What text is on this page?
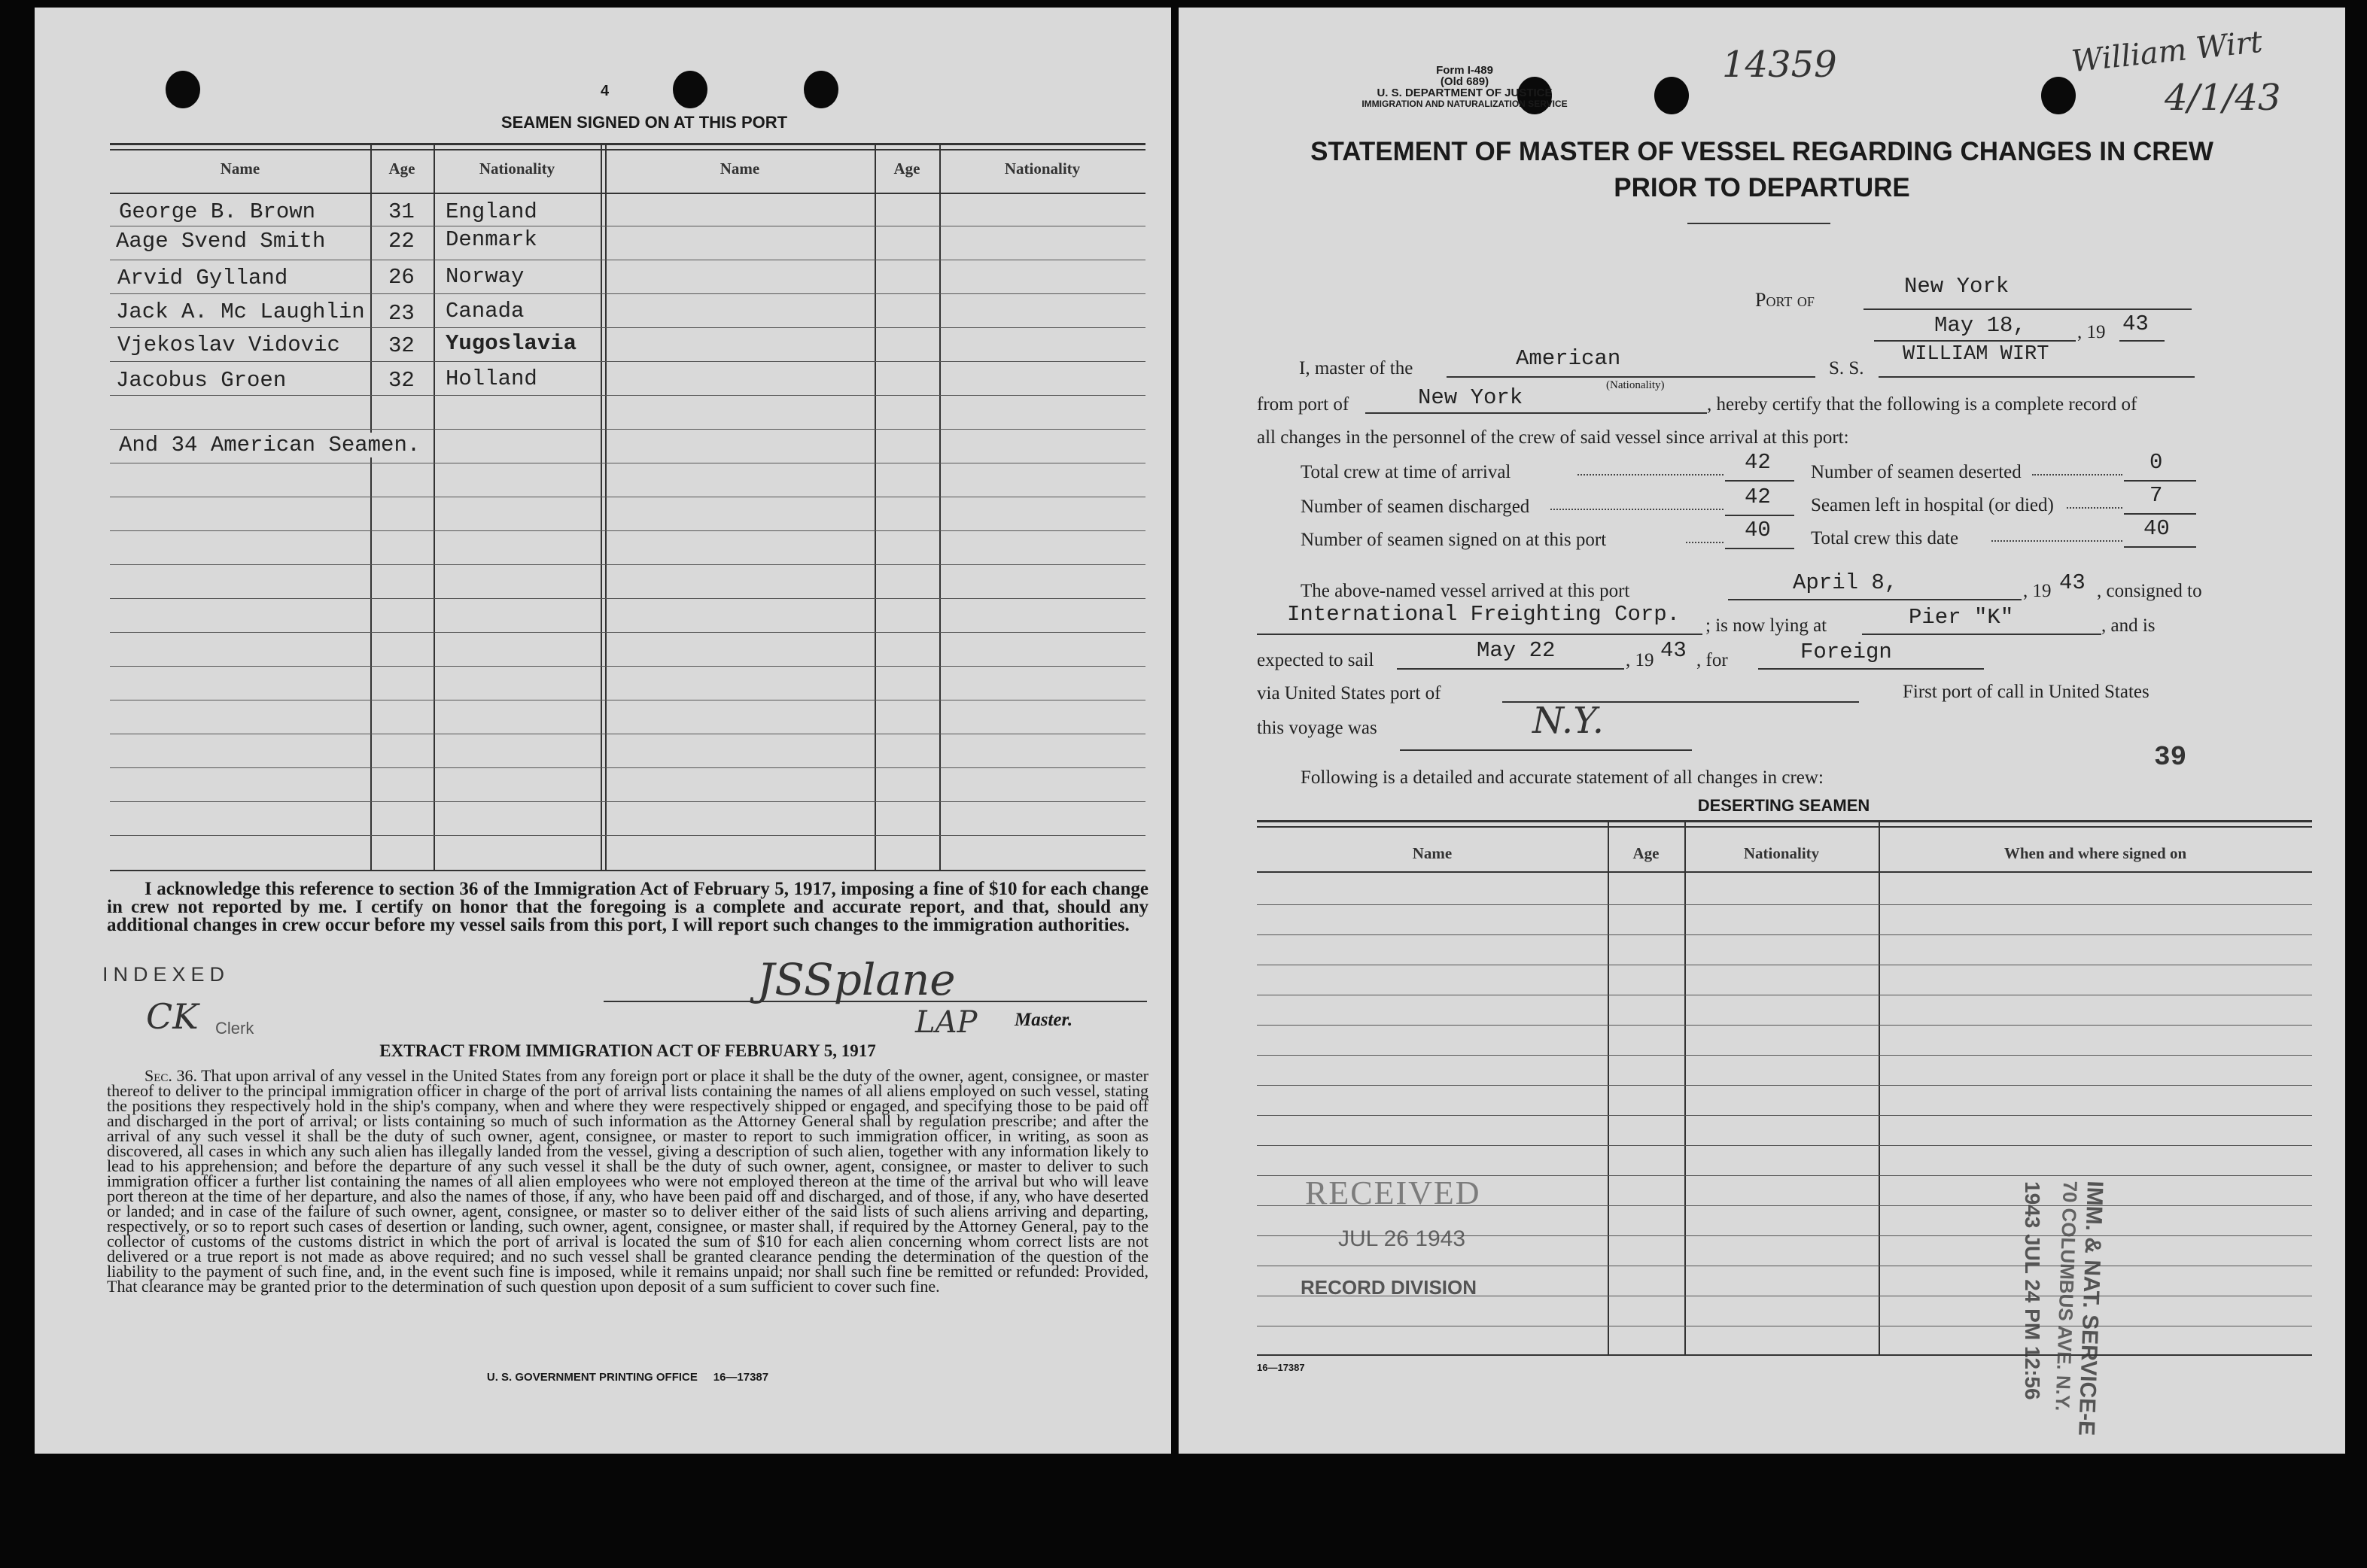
4
SEAMEN SIGNED ON AT THIS PORT
Name	Age	Nationality	Name	Age	Nationality
George B. Brown	31 England
Aage Svend Smith	22 Denmark
Arvid Gylland	26 Norway
Jack A. Mc Laughlin 23 Canada
Vjekoslav Vidovic 32 Yugoslavia
Jacobus Groen	32 Holland
And 34 American Seamen.
I acknowledge this reference to section 36 of the Immigration Act of February 5, 1917, imposing a fine of $10 for each change in crew not reported by me. I certify on honor that the foregoing is a complete and accurate report, and that, should any additional changes in crew occur before my vessel sails from this port, I will report such changes to the immigration authorities.
INDEXED
CK Clerk
JSSplane
LAP Master.
EXTRACT FROM IMMIGRATION ACT OF FEBRUARY 5, 1917
Sec. 36. That upon arrival of any vessel in the United States from any foreign port or place it shall be the duty of the owner, agent, consignee, or master thereof to deliver to the principal immigration officer in charge of the port of arrival lists containing the names of all aliens employed on such vessel, stating the positions they respectively hold in the ship's company, when and where they were respectively shipped or engaged, and specifying those to be paid off and discharged in the port of arrival; or lists containing so much of such information as the Attorney General shall by regulation prescribe; and after the arrival of any such vessel it shall be the duty of such owner, agent, consignee, or master to report to such immigration officer, in writing, as soon as discovered, all cases in which any such alien has illegally landed from the vessel, giving a description of such alien, together with any information likely to lead to his apprehension; and before the departure of any such vessel it shall be the duty of such owner, agent, consignee, or master to deliver to such immigration officer a further list containing the names of all alien employees who were not employed thereon at the time of the arrival but who will leave port thereon at the time of her departure, and also the names of those, if any, who have been paid off and discharged, and of those, if any, who have deserted or landed; and in case of the failure of such owner, agent, consignee, or master so to deliver either of the said lists of such aliens arriving and departing, respectively, or so to report such cases of desertion or landing, such owner, agent, consignee, or master shall, if required by the Attorney General, pay to the collector of customs of the customs district in which the port of arrival is located the sum of $10 for each alien concerning whom correct lists are not delivered or a true report is not made as above required; and no such vessel shall be granted clearance pending the determination of the question of the liability to the payment of such fine, and, in the event such fine is imposed, while it remains unpaid; nor shall such fine be remitted or refunded: Provided, That clearance may be granted prior to the determination of such question upon deposit of a sum sufficient to cover such fine.
U. S. GOVERNMENT PRINTING OFFICE     16—17387
Form I-489
(Old 689)
U. S. DEPARTMENT OF JUSTICE
IMMIGRATION AND NATURALIZATION SERVICE
14359	William Wirt
4/1/43
STATEMENT OF MASTER OF VESSEL REGARDING CHANGES IN CREW
PRIOR TO DEPARTURE
Port of
New York
May 18,	, 19 43
I, master of the	American
(Nationality)
S. S.
WILLIAM WIRT
from port of	New York	, hereby certify that the following is a complete record of
all changes in the personnel of the crew of said vessel since arrival at this port:
Total crew at time of arrival	42 Number of seamen deserted	0
Number of seamen discharged	42 Seamen left in hospital (or died)	7
Number of seamen signed on at this port	40 Total crew this date	40
The above-named vessel arrived at this port	April 8,	, 19 43 , consigned to
International Freighting Corp. ; is now lying at	Pier "K"	, and is
expected to sail	May 22	, 19 43 , for	Foreign
via United States port of	First port of call in United States
this voyage was	N.Y.
39
Following is a detailed and accurate statement of all changes in crew:
DESERTING SEAMEN
Name	Age	Nationality	When and where signed on
RECEIVED
JUL 26 1943
RECORD DIVISION	IMM. & NAT. SERVICE-E
70 COLUMBUS AVE. N.Y.
1943 JUL 24 PM 12:56
16—17387
